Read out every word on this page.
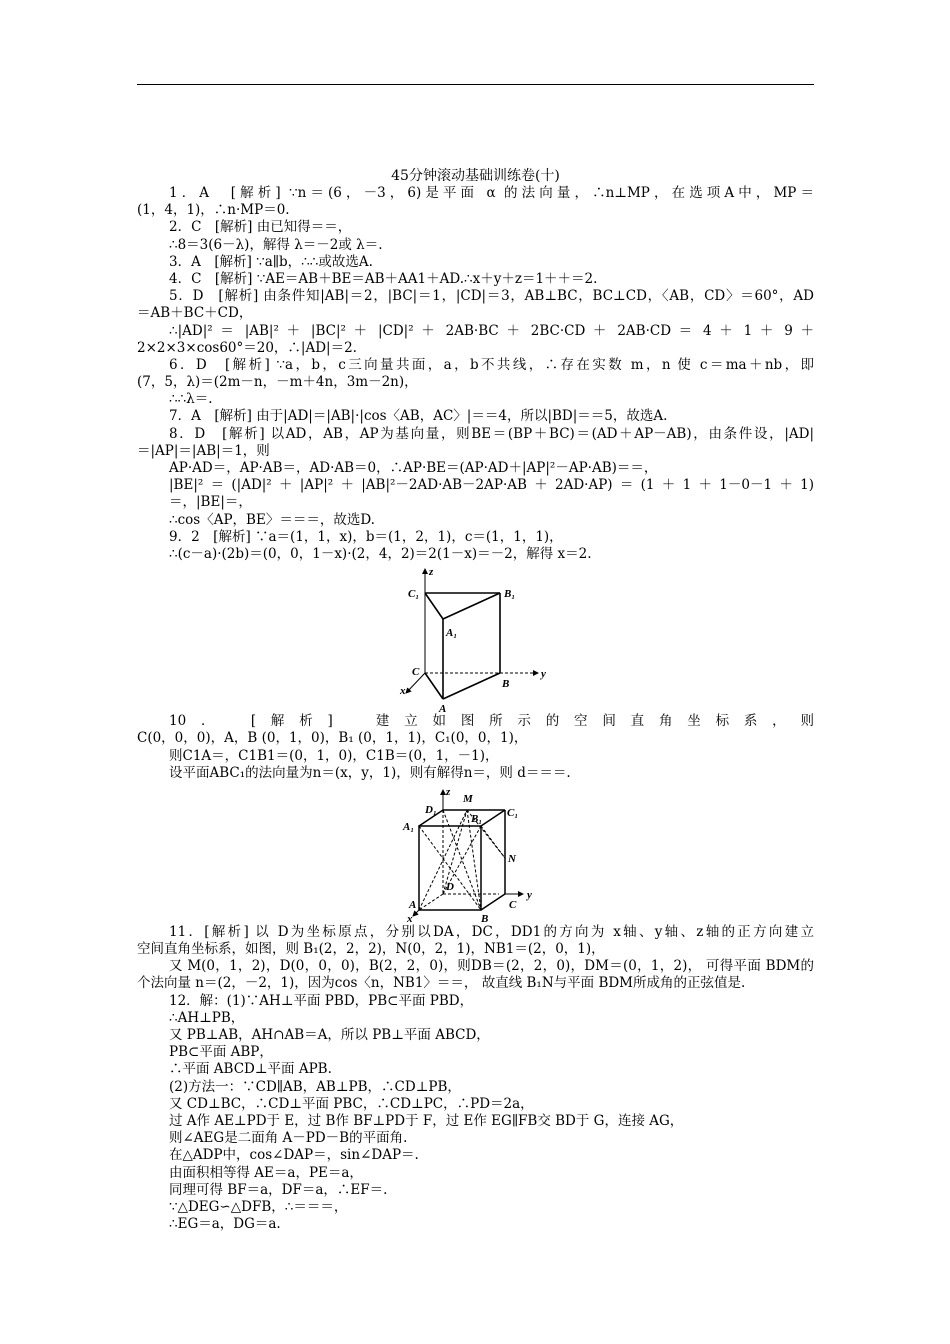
45分钟滚动基础训练卷(十)
1．A　[解析] ∵n＝(6，－3，6)是平面 α 的法向量，∴n⊥MP，在选项A中，MP＝
(1，4，1)，∴n·MP＝0.
2．C　[解析] 由已知得＝＝，
∴8＝3(6－λ)，解得 λ＝－2或 λ＝.
3．A　[解析] ∵a∥b，∴∴或故选A.
4．C　[解析] ∵AE＝AB＋BE＝AB＋AA1＋AD.∴x＋y＋z＝1＋＋＝2.
5．D　[解析] 由条件知|AB|＝2，|BC|＝1，|CD|＝3，AB⊥BC，BC⊥CD，〈AB，CD〉＝60°，AD
＝AB＋BC＋CD，
∴|AD|² ＝ |AB|² ＋ |BC|² ＋ |CD|² ＋ 2AB·BC ＋ 2BC·CD ＋ 2AB·CD ＝ 4 ＋ 1 ＋ 9 ＋
2×2×3×cos60°＝20，∴|AD|＝2.
6．D　[解析] ∵a，b，c三向量共面，a，b不共线，∴存在实数 m，n 使 c＝ma＋nb，即
(7，5，λ)＝(2m－n，－m＋4n，3m－2n)，
∴∴λ＝.
7．A　[解析] 由于|AD|＝|AB|·|cos〈AB，AC〉|＝＝4，所以|BD|＝＝5，故选A.
8．D　[解析] 以AD，AB，AP为基向量，则BE＝(BP＋BC)＝(AD＋AP－AB)，由条件设，|AD|
＝|AP|＝|AB|＝1，则
AP·AD＝，AP·AB＝，AD·AB＝0，∴AP·BE＝(AP·AD＋|AP|²－AP·AB)＝＝，
|BE|²＝(|AD|²＋|AP|²＋|AB|²－2AD·AB－2AP·AB＋2AD·AP)＝(1＋1＋1－0－1＋1)
＝，|BE|＝，
∴cos〈AP，BE〉＝＝＝，故选D.
9．2　[解析] ∵a＝(1，1，x)，b＝(1，2，1)，c＝(1，1，1)，
∴(c－a)·(2b)＝(0，0，1－x)·(2，4，2)＝2(1－x)＝－2，解得 x＝2.
z
y
x
C₁	B₁
A₁
C
B
A
10．　[解析]　建立如图所示的空间直角坐标系，则
C(0，0，0)，A，B (0，1，0)，B₁ (0，1，1)，C₁(0，0，1)，
则C1A＝，C1B1＝(0，1，0)，C1B＝(0，1，－1)，
设平面ABC₁的法向量为n＝(x，y，1)，则有解得n＝，则 d＝＝＝.
z
D₁
M
B₁ C₁
A₁
N
D
C
y
A
x	B
11．[解析] 以 D为坐标原点，分别以DA，DC，DD1的方向为 x轴、y轴、z轴的正方向建立
空间直角坐标系，如图，则 B₁(2，2，2)，N(0，2，1)，NB1＝(2，0，1)，
又 M(0，1，2)，D(0，0，0)，B(2，2，0)，则DB＝(2，2，0)，DM＝(0，1，2)， 可得平面 BDM的
个法向量 n＝(2，－2，1)，因为cos〈n，NB1〉＝＝， 故直线 B₁N与平面 BDM所成角的正弦值是.
12．解：(1)∵AH⊥平面 PBD，PB⊂平面 PBD，
∴AH⊥PB，
又 PB⊥AB，AH∩AB＝A，所以 PB⊥平面 ABCD，
PB⊂平面 ABP，
∴平面 ABCD⊥平面 APB.
(2)方法一：∵CD∥AB，AB⊥PB，∴CD⊥PB，
又 CD⊥BC，∴CD⊥平面 PBC，∴CD⊥PC，∴PD＝2a，
过 A作 AE⊥PD于 E，过 B作 BF⊥PD于 F，过 E作 EG∥FB交 BD于 G，连接 AG，
则∠AEG是二面角 A－PD－B的平面角.
在△ADP中，cos∠DAP＝，sin∠DAP＝.
由面积相等得 AE＝a，PE＝a，
同理可得 BF＝a，DF＝a，∴EF＝.
∵△DEG∽△DFB，∴＝＝＝，
∴EG＝a，DG＝a.
